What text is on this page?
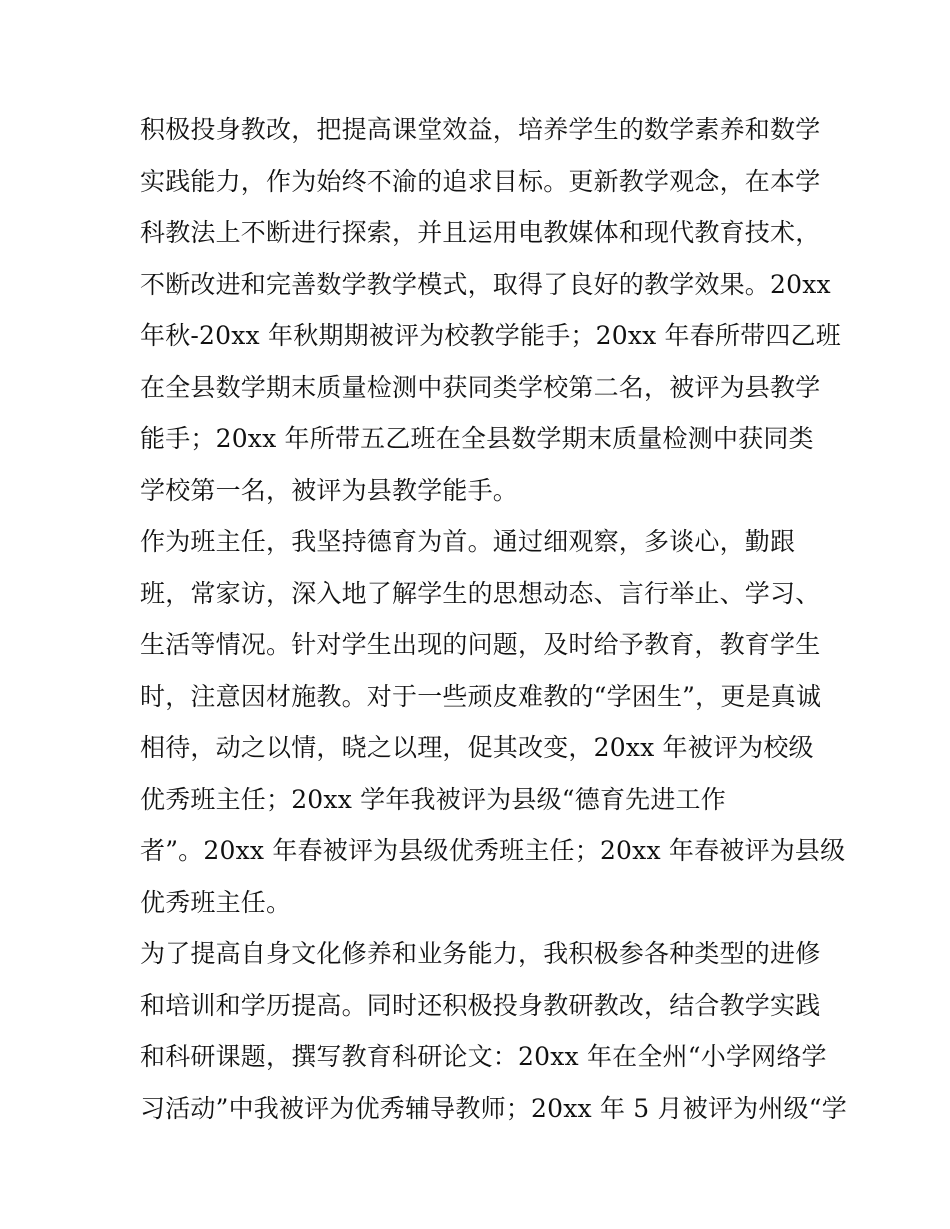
积极投身教改，把提高课堂效益，培养学生的数学素养和数学
实践能力，作为始终不渝的追求目标。更新教学观念，在本学
科教法上不断进行探索，并且运用电教媒体和现代教育技术，
不断改进和完善数学教学模式，取得了良好的教学效果。20xx
年秋-20xx 年秋期期被评为校教学能手；20xx 年春所带四乙班
在全县数学期末质量检测中获同类学校第二名，被评为县教学
能手；20xx 年所带五乙班在全县数学期末质量检测中获同类
学校第一名，被评为县教学能手。
作为班主任，我坚持德育为首。通过细观察，多谈心，勤跟
班，常家访，深入地了解学生的思想动态、言行举止、学习、
生活等情况。针对学生出现的问题，及时给予教育，教育学生
时，注意因材施教。对于一些顽皮难教的“学困生”，更是真诚
相待，动之以情，晓之以理，促其改变，20xx 年被评为校级
优秀班主任；20xx 学年我被评为县级“德育先进工作
者”。20xx 年春被评为县级优秀班主任；20xx 年春被评为县级
优秀班主任。
为了提高自身文化修养和业务能力，我积极参各种类型的进修
和培训和学历提高。同时还积极投身教研教改，结合教学实践
和科研课题，撰写教育科研论文：20xx 年在全州“小学网络学
习活动”中我被评为优秀辅导教师；20xx 年 5 月被评为州级“学
